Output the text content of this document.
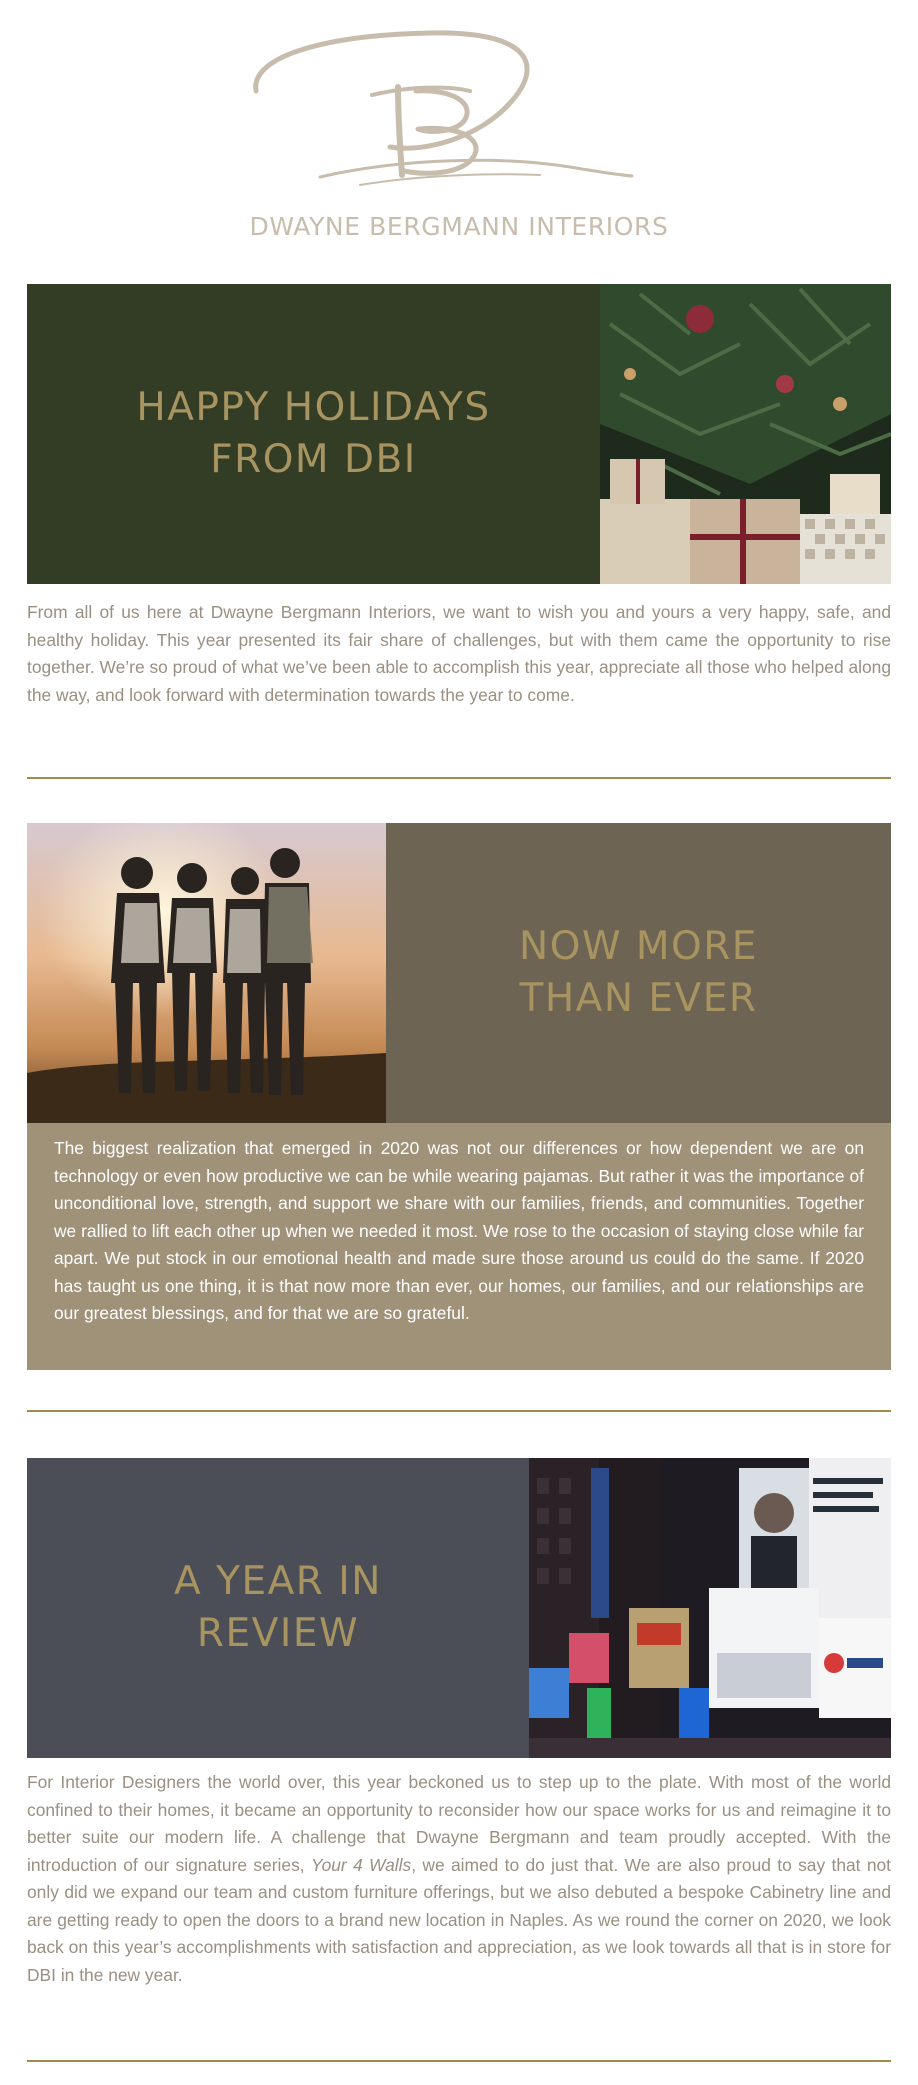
DWAYNE BERGMANN INTERIORS
HAPPY HOLIDAYS
FROM DBI

From all of us here at Dwayne Bergmann Interiors, we want to wish you and yours a very happy, safe, and healthy holiday. This year presented its fair share of challenges, but with them came the opportunity to rise together. We’re so proud of what we’ve been able to accomplish this year, appreciate all those who helped along the way, and look forward with determination towards the year to come.

NOW MORE
THAN EVER

The biggest realization that emerged in 2020 was not our differences or how dependent we are on technology or even how productive we can be while wearing pajamas. But rather it was the importance of unconditional love, strength, and support we share with our families, friends, and communities. Together we rallied to lift each other up when we needed it most. We rose to the occasion of staying close while far apart. We put stock in our emotional health and made sure those around us could do the same. If 2020 has taught us one thing, it is that now more than ever, our homes, our families, and our relationships are our greatest blessings, and for that we are so grateful.

A YEAR IN
REVIEW

For Interior Designers the world over, this year beckoned us to step up to the plate. With most of the world confined to their homes, it became an opportunity to reconsider how our space works for us and reimagine it to better suite our modern life. A challenge that Dwayne Bergmann and team proudly accepted. With the introduction of our signature series, Your 4 Walls, we aimed to do just that. We are also proud to say that not only did we expand our team and custom furniture offerings, but we also debuted a bespoke Cabinetry line and are getting ready to open the doors to a brand new location in Naples. As we round the corner on 2020, we look back on this year’s accomplishments with satisfaction and appreciation, as we look towards all that is in store for DBI in the new year.
